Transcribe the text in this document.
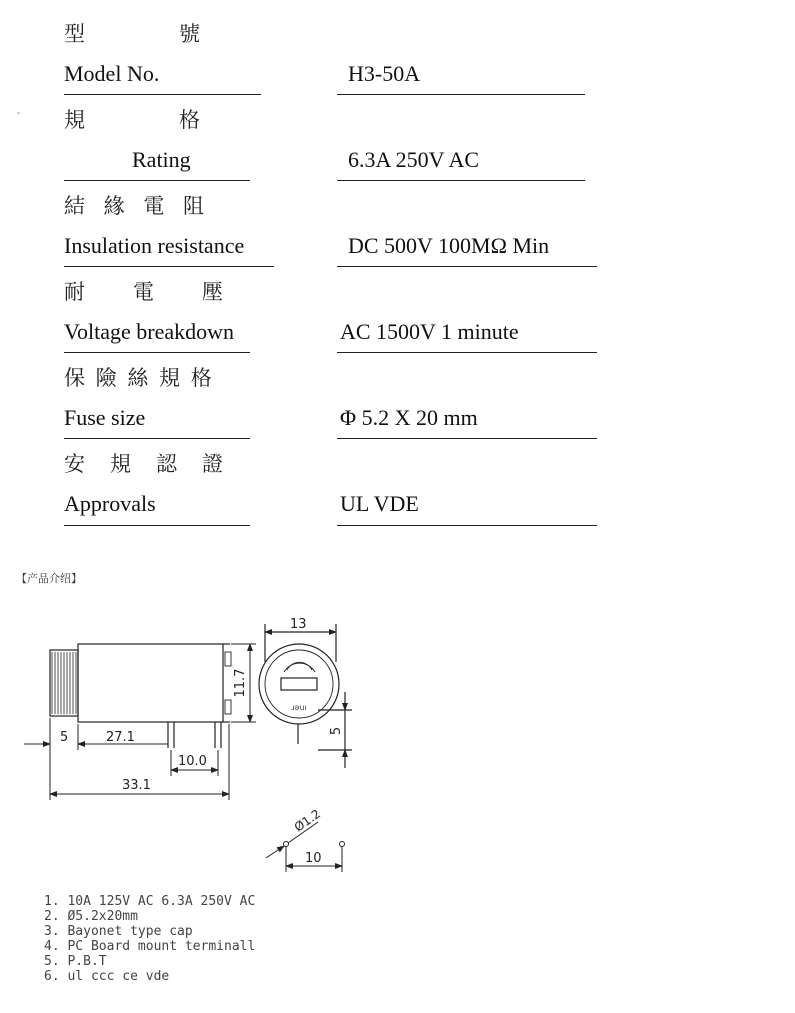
ˇ
型　　　　號
Model No.	H3-50A
規　　　　格
Rating	6.3A 250V AC
結 緣 電 阻
Insulation resistance	DC 500V 100MΩ Min
耐　　電　　壓
Voltage breakdown	AC 1500V 1 minute
保 險 絲 規 格
Fuse size	Φ 5.2 X 20 mm
安　規　認　證
Approvals	UL VDE
【产品介绍】
11.7
5	27.1
10.0
33.1
13
5
ɹəuı
Ø1.2
10
1. 10A 125V AC 6.3A 250V AC
2. Ø5.2x20mm
3. Bayonet type cap
4. PC Board mount terminall
5. P.B.T
6. ul ccc ce vde
